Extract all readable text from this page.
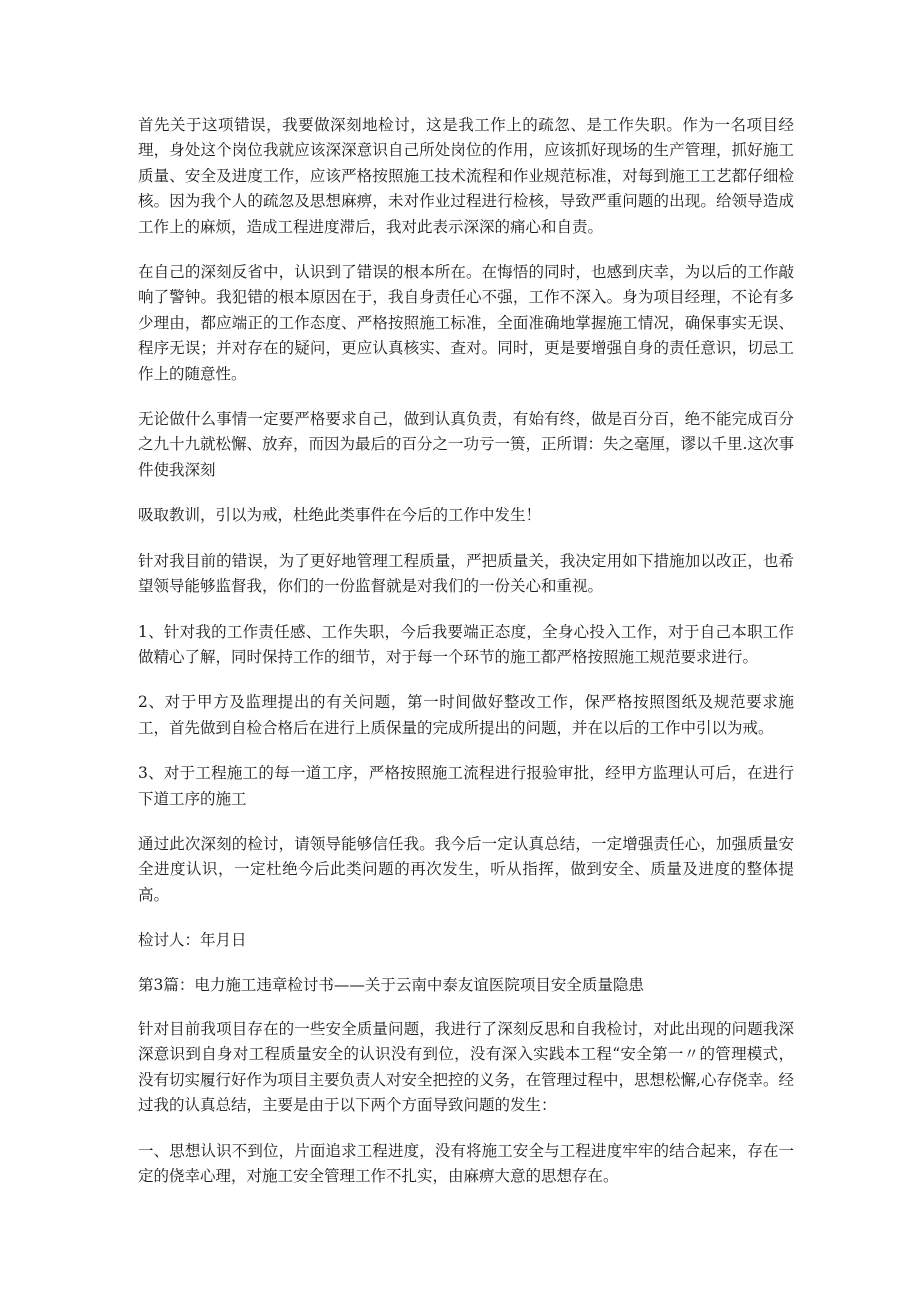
首先关于这项错误，我要做深刻地检讨，这是我工作上的疏忽、是工作失职。作为一名项目经理，身处这个岗位我就应该深深意识自己所处岗位的作用，应该抓好现场的生产管理，抓好施工质量、安全及进度工作，应该严格按照施工技术流程和作业规范标准，对每到施工工艺都仔细检核。因为我个人的疏忽及思想麻痹，未对作业过程进行检核，导致严重问题的出现。给领导造成工作上的麻烦，造成工程进度滞后，我对此表示深深的痛心和自责。

在自己的深刻反省中，认识到了错误的根本所在。在悔悟的同时，也感到庆幸，为以后的工作敲响了警钟。我犯错的根本原因在于，我自身责任心不强，工作不深入。身为项目经理，不论有多少理由，都应端正的工作态度、严格按照施工标准，全面准确地掌握施工情况，确保事实无误、程序无误；并对存在的疑问，更应认真核实、查对。同时，更是要增强自身的责任意识，切忌工作上的随意性。

无论做什么事情一定要严格要求自己，做到认真负责，有始有终，做是百分百，绝不能完成百分之九十九就松懈、放弃，而因为最后的百分之一功亏一篑，正所谓：失之毫厘，谬以千里.这次事件使我深刻

吸取教训，引以为戒，杜绝此类事件在今后的工作中发生！

针对我目前的错误，为了更好地管理工程质量，严把质量关，我决定用如下措施加以改正，也希望领导能够监督我，你们的一份监督就是对我们的一份关心和重视。

1、针对我的工作责任感、工作失职，今后我要端正态度，全身心投入工作，对于自己本职工作做精心了解，同时保持工作的细节，对于每一个环节的施工都严格按照施工规范要求进行。

2、对于甲方及监理提出的有关问题，第一时间做好整改工作，保严格按照图纸及规范要求施工，首先做到自检合格后在进行上质保量的完成所提出的问题，并在以后的工作中引以为戒。

3、对于工程施工的每一道工序，严格按照施工流程进行报验审批，经甲方监理认可后，在进行下道工序的施工

通过此次深刻的检讨，请领导能够信任我。我今后一定认真总结，一定增强责任心，加强质量安全进度认识，一定杜绝今后此类问题的再次发生，听从指挥，做到安全、质量及进度的整体提高。

检讨人：年月日

第3篇：电力施工违章检讨书——关于云南中泰友谊医院项目安全质量隐患

针对目前我项目存在的一些安全质量问题，我进行了深刻反思和自我检讨，对此出现的问题我深深意识到自身对工程质量安全的认识没有到位，没有深入实践本工程“安全第一〃的管理模式，没有切实履行好作为项目主要负责人对安全把控的义务，在管理过程中，思想松懈,心存侥幸。经过我的认真总结，主要是由于以下两个方面导致问题的发生：

一、思想认识不到位，片面追求工程进度，没有将施工安全与工程进度牢牢的结合起来，存在一定的侥幸心理，对施工安全管理工作不扎实，由麻痹大意的思想存在。
